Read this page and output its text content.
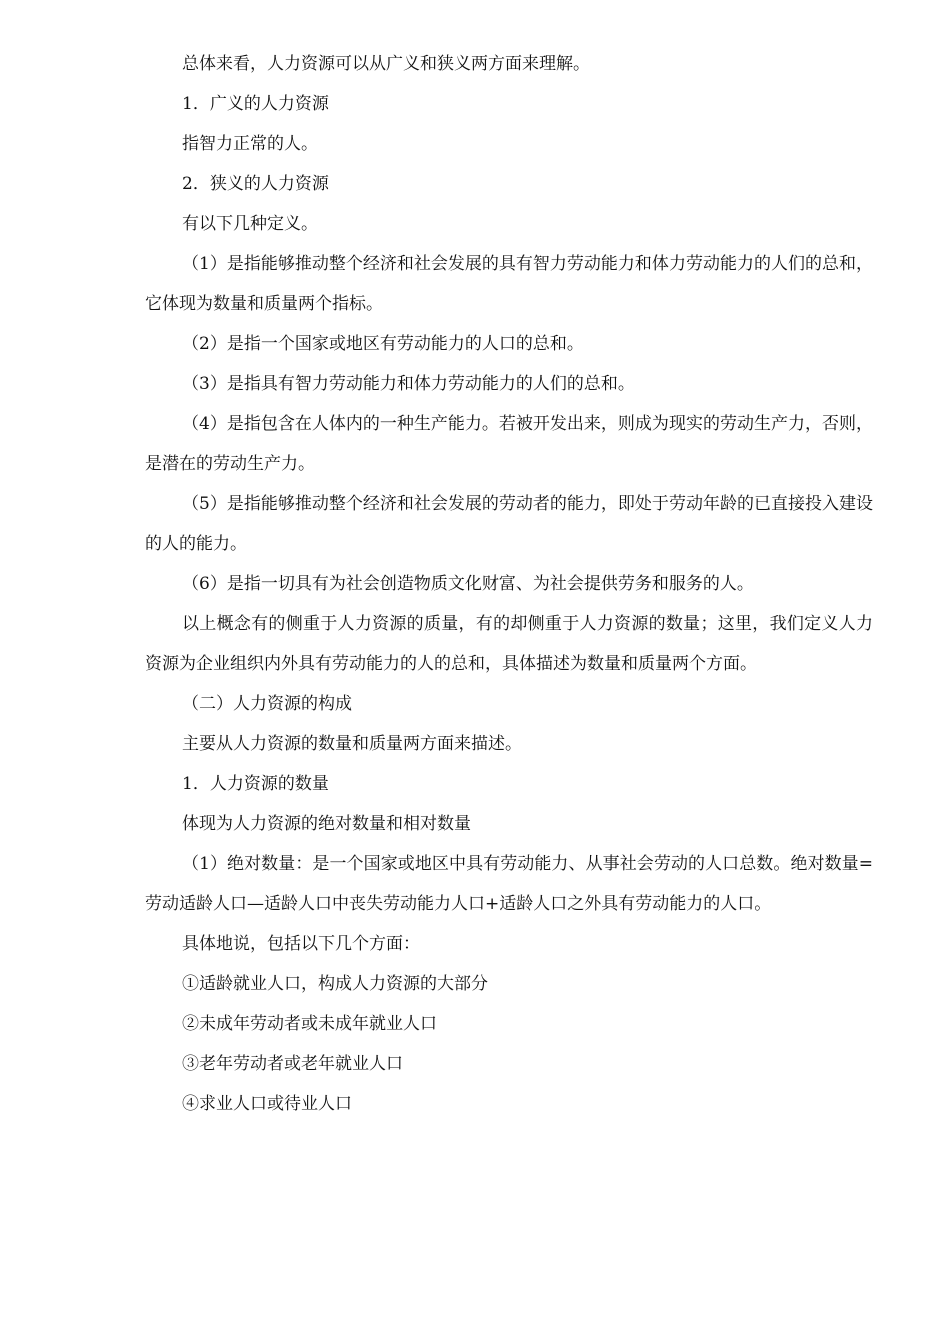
总体来看，人力资源可以从广义和狭义两方面来理解。

1．广义的人力资源

指智力正常的人。

2．狭义的人力资源

有以下几种定义。

（1）是指能够推动整个经济和社会发展的具有智力劳动能力和体力劳动能力的人们的总和，它体现为数量和质量两个指标。

（2）是指一个国家或地区有劳动能力的人口的总和。

（3）是指具有智力劳动能力和体力劳动能力的人们的总和。

（4）是指包含在人体内的一种生产能力。若被开发出来，则成为现实的劳动生产力，否则，是潜在的劳动生产力。

（5）是指能够推动整个经济和社会发展的劳动者的能力，即处于劳动年龄的已直接投入建设的人的能力。

（6）是指一切具有为社会创造物质文化财富、为社会提供劳务和服务的人。

以上概念有的侧重于人力资源的质量，有的却侧重于人力资源的数量；这里，我们定义人力资源为企业组织内外具有劳动能力的人的总和，具体描述为数量和质量两个方面。

（二）人力资源的构成

主要从人力资源的数量和质量两方面来描述。

1．人力资源的数量

体现为人力资源的绝对数量和相对数量

（1）绝对数量：是一个国家或地区中具有劳动能力、从事社会劳动的人口总数。绝对数量=劳动适龄人口—适龄人口中丧失劳动能力人口+适龄人口之外具有劳动能力的人口。

具体地说，包括以下几个方面：

①适龄就业人口，构成人力资源的大部分

②未成年劳动者或未成年就业人口

③老年劳动者或老年就业人口

④求业人口或待业人口
